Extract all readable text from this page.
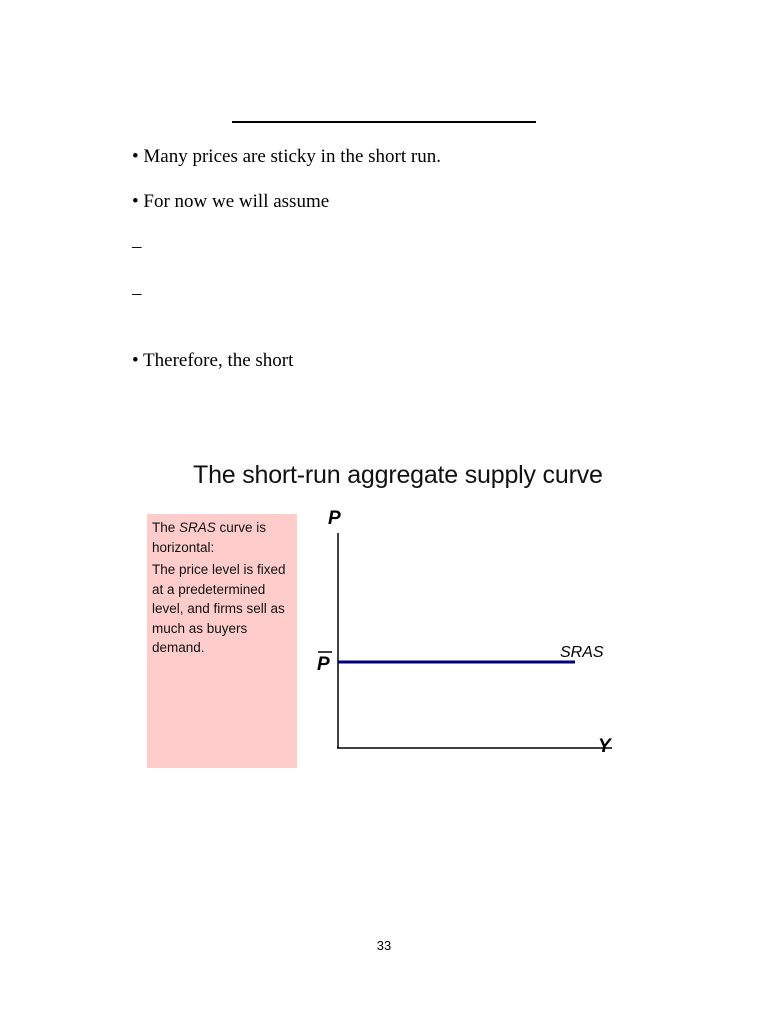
• Many prices are sticky in the short run.
• For now we will assume
–
–
• Therefore, the short
The short-run aggregate supply curve

The SRAS curve is horizontal:

The price level is fixed at a predetermined level, and firms sell as much as buyers demand.

P
Y
P
SRAS
33
